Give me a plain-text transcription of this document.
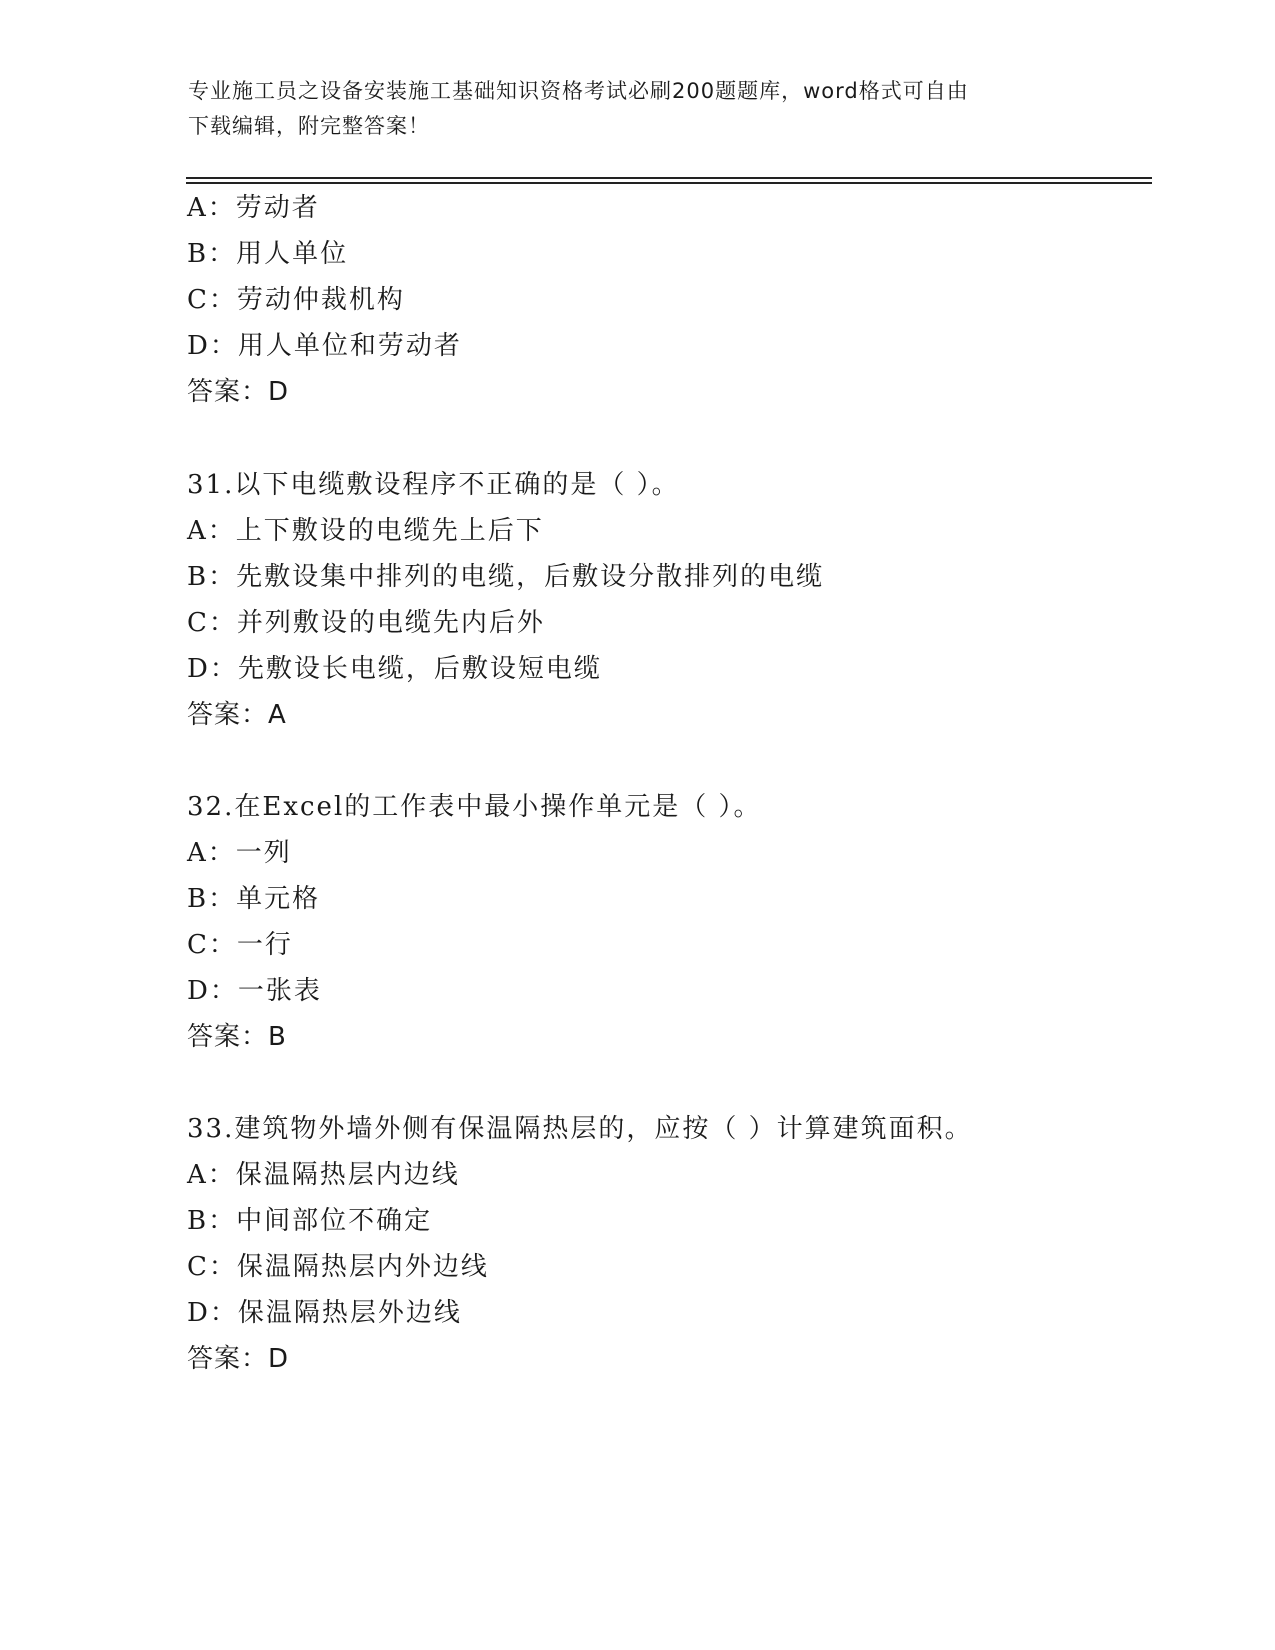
专业施工员之设备安装施工基础知识资格考试必刷200题题库，word格式可自由
下载编辑，附完整答案！
A：劳动者
B：用人单位
C：劳动仲裁机构
D：用人单位和劳动者
答案：D
31.以下电缆敷设程序不正确的是（ ）。
A：上下敷设的电缆先上后下
B：先敷设集中排列的电缆，后敷设分散排列的电缆
C：并列敷设的电缆先内后外
D：先敷设长电缆，后敷设短电缆
答案：A
32.在Excel的工作表中最小操作单元是（ ）。
A：一列
B：单元格
C：一行
D：一张表
答案：B
33.建筑物外墙外侧有保温隔热层的，应按（ ）计算建筑面积。
A：保温隔热层内边线
B：中间部位不确定
C：保温隔热层内外边线
D：保温隔热层外边线
答案：D
